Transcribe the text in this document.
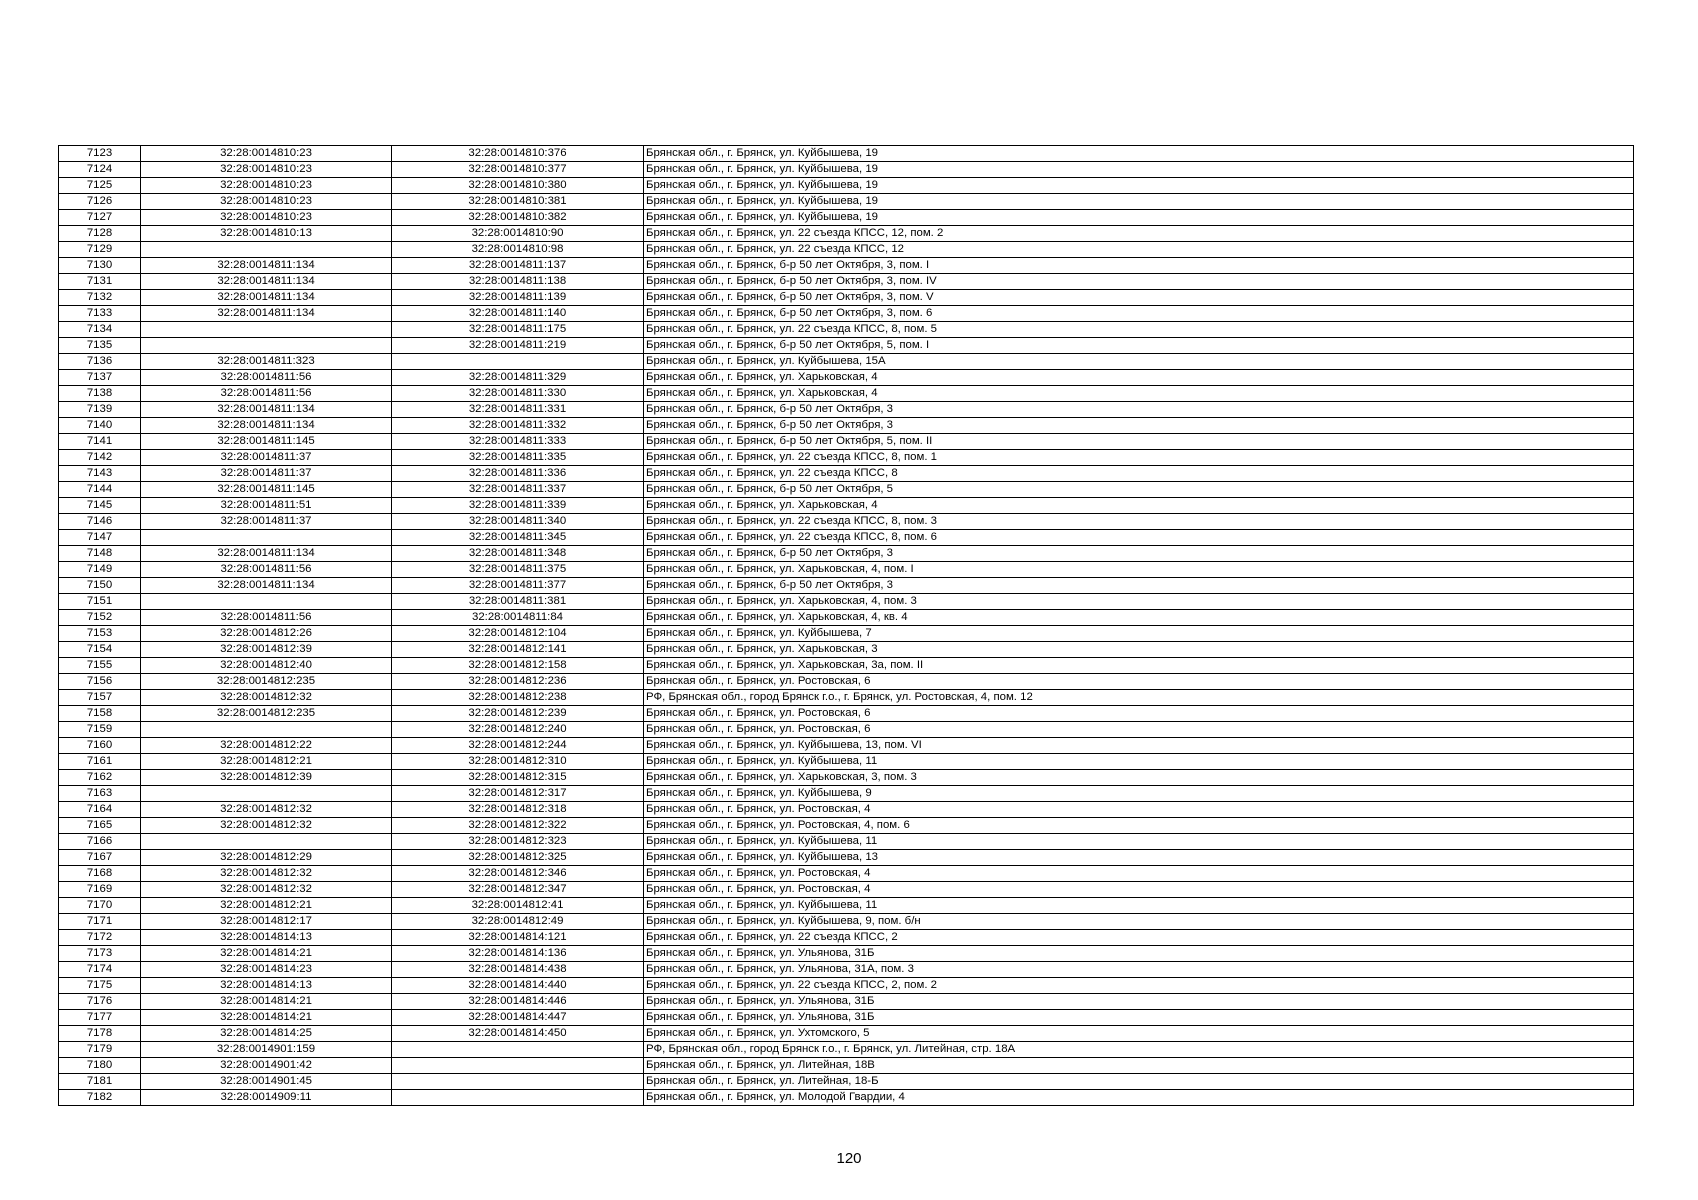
7123	32:28:0014810:23	32:28:0014810:376	Брянская обл., г. Брянск, ул. Куйбышева, 19
7124	32:28:0014810:23	32:28:0014810:377	Брянская обл., г. Брянск, ул. Куйбышева, 19
7125	32:28:0014810:23	32:28:0014810:380	Брянская обл., г. Брянск, ул. Куйбышева, 19
7126	32:28:0014810:23	32:28:0014810:381	Брянская обл., г. Брянск, ул. Куйбышева, 19
7127	32:28:0014810:23	32:28:0014810:382	Брянская обл., г. Брянск, ул. Куйбышева, 19
7128	32:28:0014810:13	32:28:0014810:90	Брянская обл., г. Брянск, ул. 22 съезда КПСС, 12, пом. 2
7129		32:28:0014810:98	Брянская обл., г. Брянск, ул. 22 съезда КПСС, 12
7130	32:28:0014811:134	32:28:0014811:137	Брянская обл., г. Брянск, б-р 50 лет Октября, 3, пом. I
7131	32:28:0014811:134	32:28:0014811:138	Брянская обл., г. Брянск, б-р 50 лет Октября, 3, пом. IV
7132	32:28:0014811:134	32:28:0014811:139	Брянская обл., г. Брянск, б-р 50 лет Октября, 3, пом. V
7133	32:28:0014811:134	32:28:0014811:140	Брянская обл., г. Брянск, б-р 50 лет Октября, 3, пом. 6
7134		32:28:0014811:175	Брянская обл., г. Брянск, ул. 22 съезда КПСС, 8, пом. 5
7135		32:28:0014811:219	Брянская обл., г. Брянск, б-р 50 лет Октября, 5, пом. I
7136	32:28:0014811:323		Брянская обл., г. Брянск, ул. Куйбышева, 15А
7137	32:28:0014811:56	32:28:0014811:329	Брянская обл., г. Брянск, ул. Харьковская, 4
7138	32:28:0014811:56	32:28:0014811:330	Брянская обл., г. Брянск, ул. Харьковская, 4
7139	32:28:0014811:134	32:28:0014811:331	Брянская обл., г. Брянск, б-р 50 лет Октября, 3
7140	32:28:0014811:134	32:28:0014811:332	Брянская обл., г. Брянск, б-р 50 лет Октября, 3
7141	32:28:0014811:145	32:28:0014811:333	Брянская обл., г. Брянск, б-р 50 лет Октября, 5, пом. II
7142	32:28:0014811:37	32:28:0014811:335	Брянская обл., г. Брянск, ул. 22 съезда КПСС, 8, пом. 1
7143	32:28:0014811:37	32:28:0014811:336	Брянская обл., г. Брянск, ул. 22 съезда КПСС, 8
7144	32:28:0014811:145	32:28:0014811:337	Брянская обл., г. Брянск, б-р 50 лет Октября, 5
7145	32:28:0014811:51	32:28:0014811:339	Брянская обл., г. Брянск, ул. Харьковская, 4
7146	32:28:0014811:37	32:28:0014811:340	Брянская обл., г. Брянск, ул. 22 съезда КПСС, 8, пом. 3
7147		32:28:0014811:345	Брянская обл., г. Брянск, ул. 22 съезда КПСС, 8, пом. 6
7148	32:28:0014811:134	32:28:0014811:348	Брянская обл., г. Брянск, б-р 50 лет Октября, 3
7149	32:28:0014811:56	32:28:0014811:375	Брянская обл., г. Брянск, ул. Харьковская, 4, пом. I
7150	32:28:0014811:134	32:28:0014811:377	Брянская обл., г. Брянск, б-р 50 лет Октября, 3
7151		32:28:0014811:381	Брянская обл., г. Брянск, ул. Харьковская, 4, пом. 3
7152	32:28:0014811:56	32:28:0014811:84	Брянская обл., г. Брянск, ул. Харьковская, 4, кв. 4
7153	32:28:0014812:26	32:28:0014812:104	Брянская обл., г. Брянск, ул. Куйбышева, 7
7154	32:28:0014812:39	32:28:0014812:141	Брянская обл., г. Брянск, ул. Харьковская, 3
7155	32:28:0014812:40	32:28:0014812:158	Брянская обл., г. Брянск, ул. Харьковская, 3а, пом. II
7156	32:28:0014812:235	32:28:0014812:236	Брянская обл., г. Брянск, ул. Ростовская, 6
7157	32:28:0014812:32	32:28:0014812:238	РФ, Брянская обл., город Брянск г.о., г. Брянск, ул. Ростовская, 4, пом. 12
7158	32:28:0014812:235	32:28:0014812:239	Брянская обл., г. Брянск, ул. Ростовская, 6
7159		32:28:0014812:240	Брянская обл., г. Брянск, ул. Ростовская, 6
7160	32:28:0014812:22	32:28:0014812:244	Брянская обл., г. Брянск, ул. Куйбышева, 13, пом. VI
7161	32:28:0014812:21	32:28:0014812:310	Брянская обл., г. Брянск, ул. Куйбышева, 11
7162	32:28:0014812:39	32:28:0014812:315	Брянская обл., г. Брянск, ул. Харьковская, 3, пом. 3
7163		32:28:0014812:317	Брянская обл., г. Брянск, ул. Куйбышева, 9
7164	32:28:0014812:32	32:28:0014812:318	Брянская обл., г. Брянск, ул. Ростовская, 4
7165	32:28:0014812:32	32:28:0014812:322	Брянская обл., г. Брянск, ул. Ростовская, 4, пом. 6
7166		32:28:0014812:323	Брянская обл., г. Брянск, ул. Куйбышева, 11
7167	32:28:0014812:29	32:28:0014812:325	Брянская обл., г. Брянск, ул. Куйбышева, 13
7168	32:28:0014812:32	32:28:0014812:346	Брянская обл., г. Брянск, ул. Ростовская, 4
7169	32:28:0014812:32	32:28:0014812:347	Брянская обл., г. Брянск, ул. Ростовская, 4
7170	32:28:0014812:21	32:28:0014812:41	Брянская обл., г. Брянск, ул. Куйбышева, 11
7171	32:28:0014812:17	32:28:0014812:49	Брянская обл., г. Брянск, ул. Куйбышева, 9, пом. б/н
7172	32:28:0014814:13	32:28:0014814:121	Брянская обл., г. Брянск, ул. 22 съезда КПСС, 2
7173	32:28:0014814:21	32:28:0014814:136	Брянская обл., г. Брянск, ул. Ульянова, 31Б
7174	32:28:0014814:23	32:28:0014814:438	Брянская обл., г. Брянск, ул. Ульянова, 31А, пом. 3
7175	32:28:0014814:13	32:28:0014814:440	Брянская обл., г. Брянск, ул. 22 съезда КПСС, 2, пом. 2
7176	32:28:0014814:21	32:28:0014814:446	Брянская обл., г. Брянск, ул. Ульянова, 31Б
7177	32:28:0014814:21	32:28:0014814:447	Брянская обл., г. Брянск, ул. Ульянова, 31Б
7178	32:28:0014814:25	32:28:0014814:450	Брянская обл., г. Брянск, ул. Ухтомского, 5
7179	32:28:0014901:159		РФ, Брянская обл., город Брянск г.о., г. Брянск, ул. Литейная, стр. 18А
7180	32:28:0014901:42		Брянская обл., г. Брянск, ул. Литейная, 18В
7181	32:28:0014901:45		Брянская обл., г. Брянск, ул. Литейная, 18-Б
7182	32:28:0014909:11		Брянская обл., г. Брянск, ул. Молодой Гвардии, 4
120
